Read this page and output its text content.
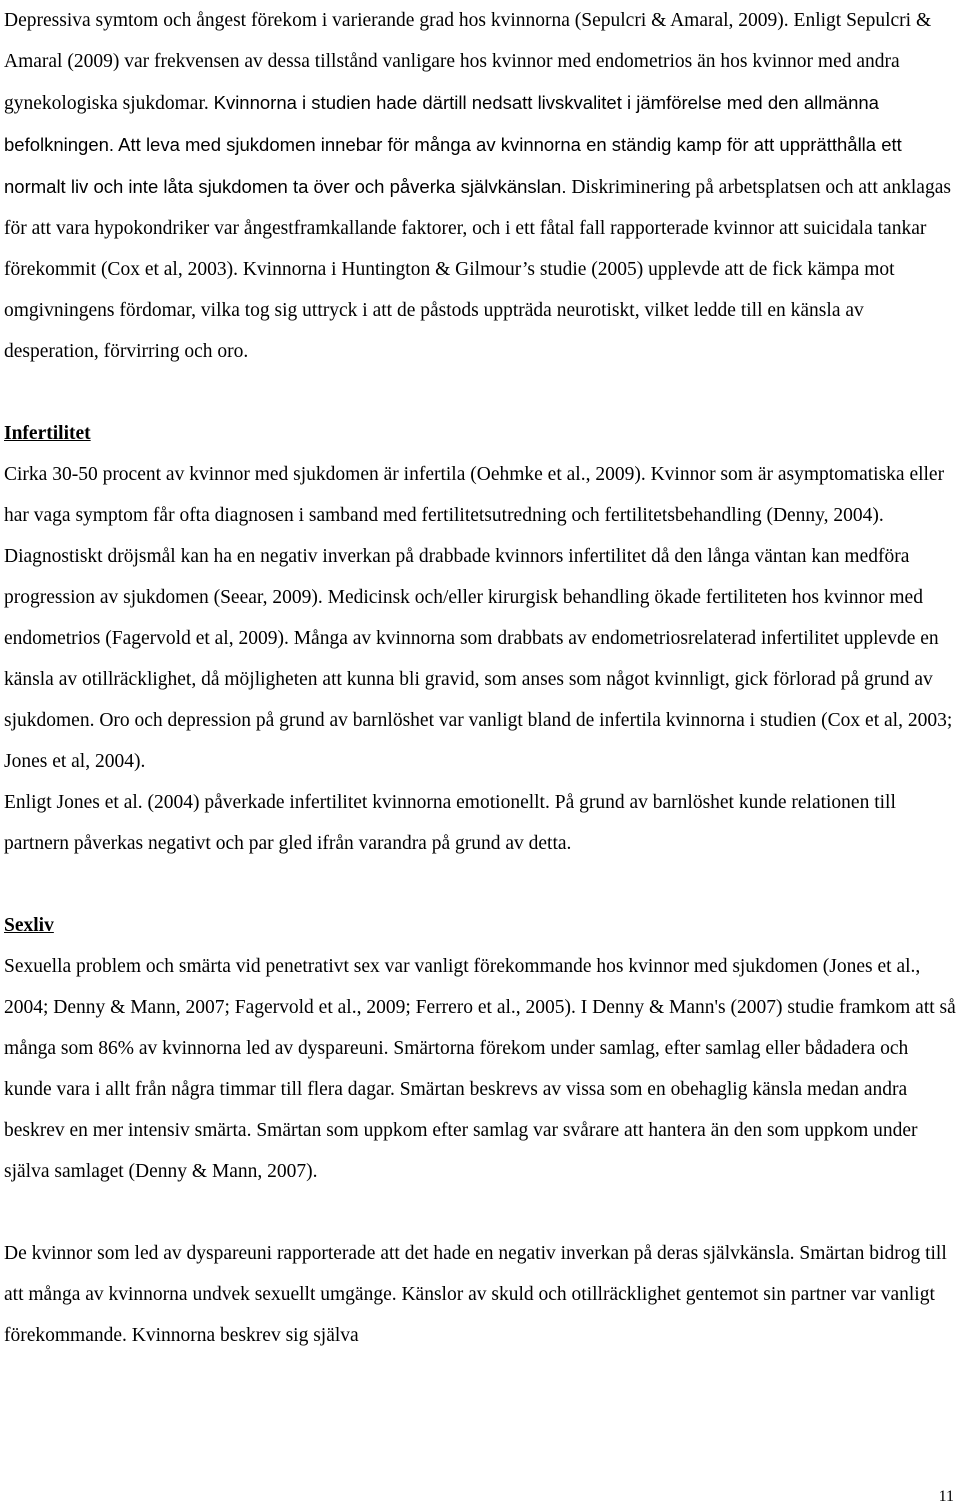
Depressiva symtom och ångest förekom i varierande grad hos kvinnorna (Sepulcri & Amaral, 2009). Enligt Sepulcri & Amaral (2009) var frekvensen av dessa tillstånd vanligare hos kvinnor med endometrios än hos kvinnor med andra gynekologiska sjukdomar. Kvinnorna i studien hade därtill nedsatt livskvalitet i jämförelse med den allmänna befolkningen. Att leva med sjukdomen innebar för många av kvinnorna en ständig kamp för att upprätthålla ett normalt liv och inte låta sjukdomen ta över och påverka självkänslan. Diskriminering på arbetsplatsen och att anklagas för att vara hypokondriker var ångestframkallande faktorer, och i ett fåtal fall rapporterade kvinnor att suicidala tankar förekommit (Cox et al, 2003). Kvinnorna i Huntington & Gilmour’s studie (2005) upplevde att de fick kämpa mot omgivningens fördomar, vilka tog sig uttryck i att de påstods uppträda neurotiskt, vilket ledde till en känsla av desperation, förvirring och oro.

Infertilitet

Cirka 30-50 procent av kvinnor med sjukdomen är infertila (Oehmke et al., 2009). Kvinnor som är asymptomatiska eller har vaga symptom får ofta diagnosen i samband med fertilitetsutredning och fertilitetsbehandling (Denny, 2004). Diagnostiskt dröjsmål kan ha en negativ inverkan på drabbade kvinnors infertilitet då den långa väntan kan medföra progression av sjukdomen (Seear, 2009). Medicinsk och/eller kirurgisk behandling ökade fertiliteten hos kvinnor med endometrios (Fagervold et al, 2009). Många av kvinnorna som drabbats av endometriosrelaterad infertilitet upplevde en känsla av otillräcklighet, då möjligheten att kunna bli gravid, som anses som något kvinnligt, gick förlorad på grund av sjukdomen. Oro och depression på grund av barnlöshet var vanligt bland de infertila kvinnorna i studien (Cox et al, 2003; Jones et al, 2004).

Enligt Jones et al. (2004) påverkade infertilitet kvinnorna emotionellt. På grund av barnlöshet kunde relationen till partnern påverkas negativt och par gled ifrån varandra på grund av detta.

Sexliv

Sexuella problem och smärta vid penetrativt sex var vanligt förekommande hos kvinnor med sjukdomen (Jones et al., 2004; Denny & Mann, 2007; Fagervold et al., 2009; Ferrero et al., 2005). I Denny & Mann's (2007) studie framkom att så många som 86% av kvinnorna led av dyspareuni. Smärtorna förekom under samlag, efter samlag eller bådadera och kunde vara i allt från några timmar till flera dagar. Smärtan beskrevs av vissa som en obehaglig känsla medan andra beskrev en mer intensiv smärta. Smärtan som uppkom efter samlag var svårare att hantera än den som uppkom under själva samlaget (Denny & Mann, 2007).

De kvinnor som led av dyspareuni rapporterade att det hade en negativ inverkan på deras självkänsla. Smärtan bidrog till att många av kvinnorna undvek sexuellt umgänge. Känslor av skuld och otillräcklighet gentemot sin partner var vanligt förekommande. Kvinnorna beskrev sig själva

11
